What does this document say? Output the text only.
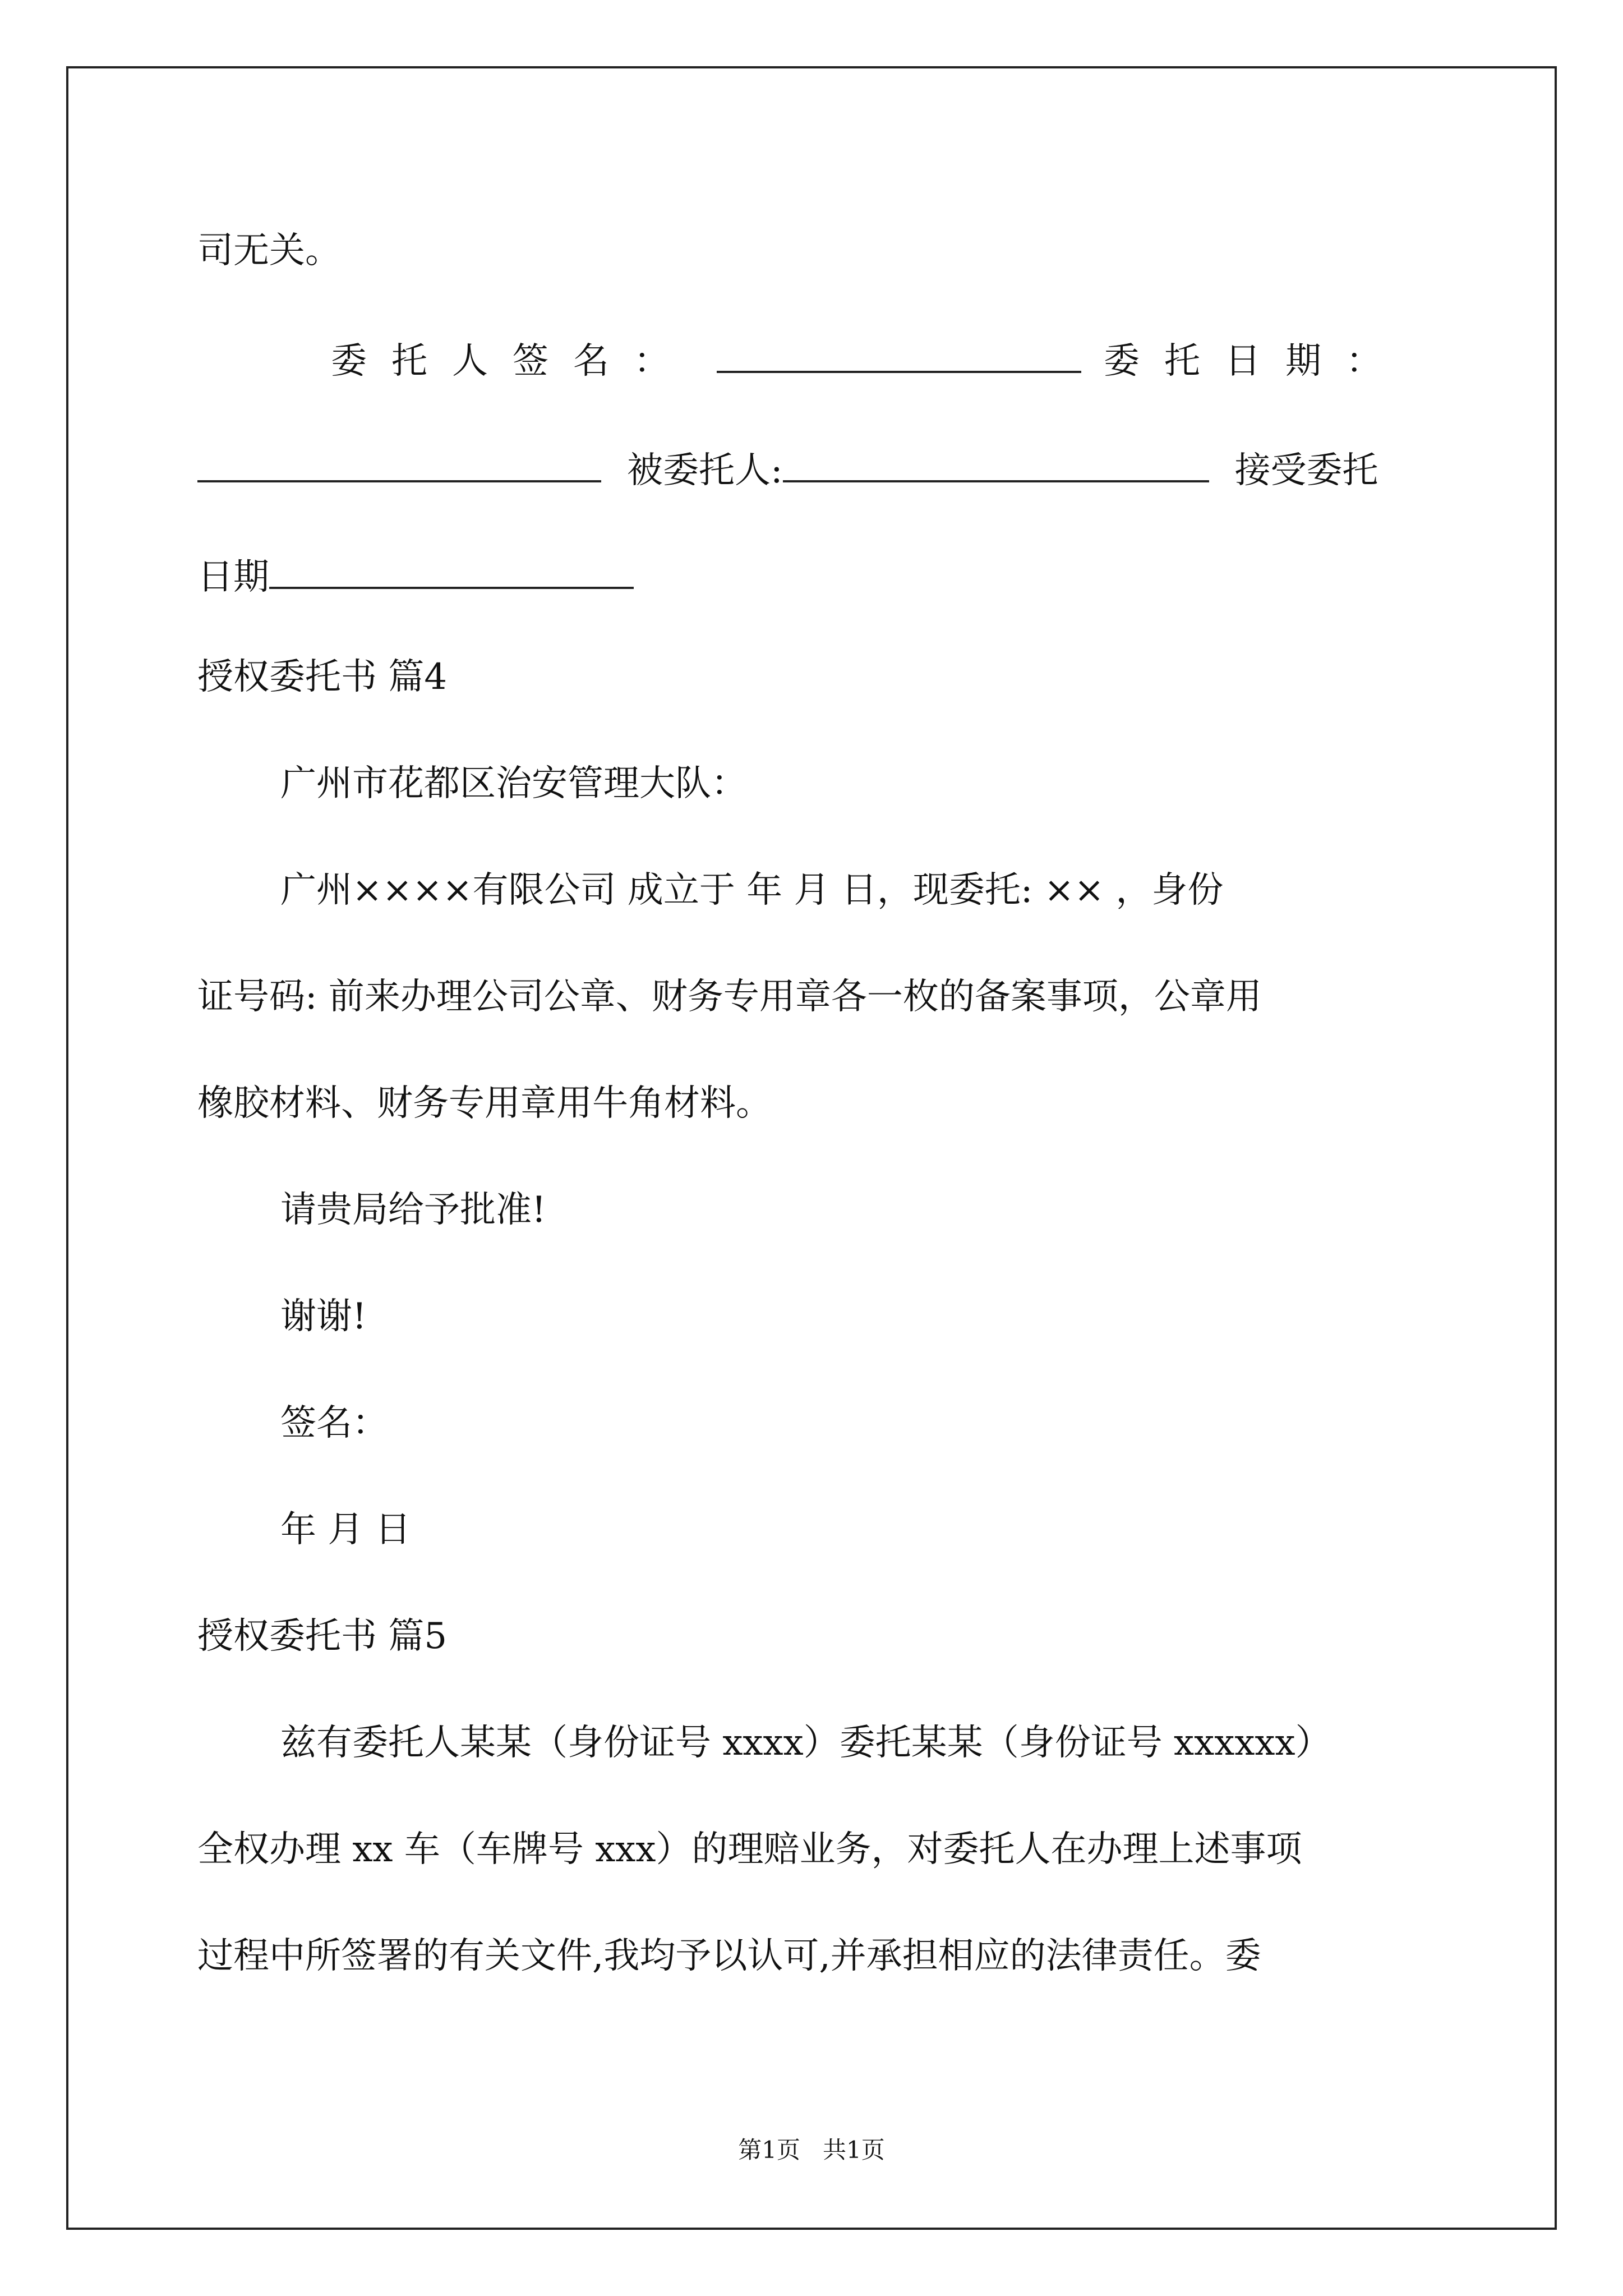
司无关。
委托人签名：	委托日期：
被委托人:	接受委托
日期
授权委托书 篇4
广州市花都区治安管理大队：
广州××××有限公司 成立于 年 月 日，现委托: ×× ，身份
证号码: 前来办理公司公章、财务专用章各一枚的备案事项，公章用
橡胶材料、财务专用章用牛角材料。
请贵局给予批准!
谢谢!
签名：
年 月 日
授权委托书 篇5
兹有委托人某某（身份证号 xxxx）委托某某（身份证号 xxxxxx）
全权办理 xx 车（车牌号 xxx）的理赔业务，对委托人在办理上述事项
过程中所签署的有关文件,我均予以认可,并承担相应的法律责任。委
第1页   共1页
